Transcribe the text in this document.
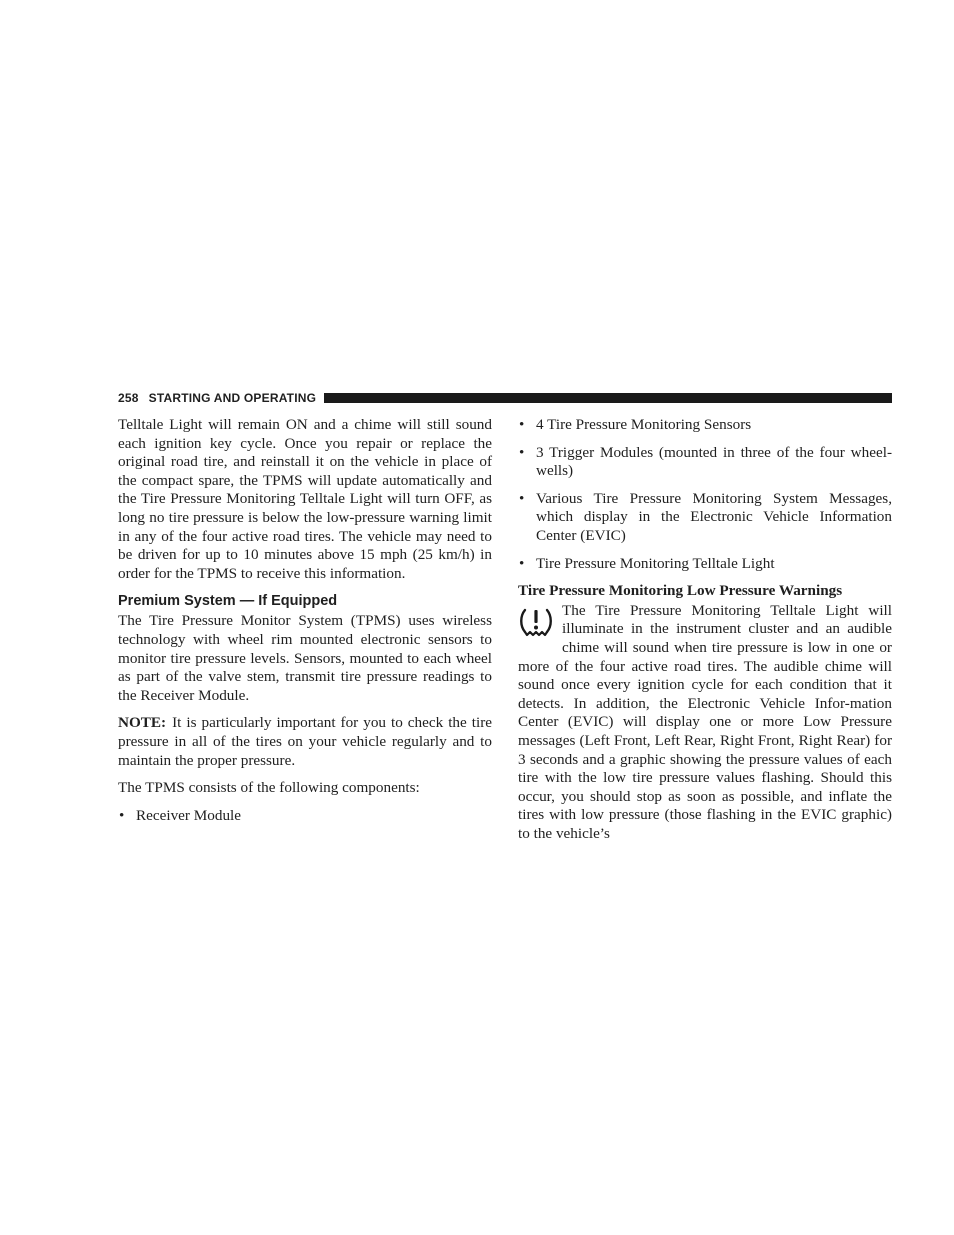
258 STARTING AND OPERATING

Telltale Light will remain ON and a chime will still sound each ignition key cycle. Once you repair or replace the original road tire, and reinstall it on the vehicle in place of the compact spare, the TPMS will update automatically and the Tire Pressure Monitoring Telltale Light will turn OFF, as long no tire pressure is below the low-pressure warning limit in any of the four active road tires. The vehicle may need to be driven for up to 10 minutes above 15 mph (25 km/h) in order for the TPMS to receive this information.

Premium System — If Equipped

The Tire Pressure Monitor System (TPMS) uses wireless technology with wheel rim mounted electronic sensors to monitor tire pressure levels. Sensors, mounted to each wheel as part of the valve stem, transmit tire pressure readings to the Receiver Module.

NOTE: It is particularly important for you to check the tire pressure in all of the tires on your vehicle regularly and to maintain the proper pressure.

The TPMS consists of the following components:

• Receiver Module
• 4 Tire Pressure Monitoring Sensors
• 3 Trigger Modules (mounted in three of the four wheel-wells)
• Various Tire Pressure Monitoring System Messages, which display in the Electronic Vehicle Information Center (EVIC)
• Tire Pressure Monitoring Telltale Light

Tire Pressure Monitoring Low Pressure Warnings

The Tire Pressure Monitoring Telltale Light will illuminate in the instrument cluster and an audible chime will sound when tire pressure is low in one or more of the four active road tires. The audible chime will sound once every ignition cycle for each condition that it detects. In addition, the Electronic Vehicle Infor-mation Center (EVIC) will display one or more Low Pressure messages (Left Front, Left Rear, Right Front, Right Rear) for 3 seconds and a graphic showing the pressure values of each tire with the low tire pressure values flashing. Should this occur, you should stop as soon as possible, and inflate the tires with low pressure (those flashing in the EVIC graphic) to the vehicle’s
